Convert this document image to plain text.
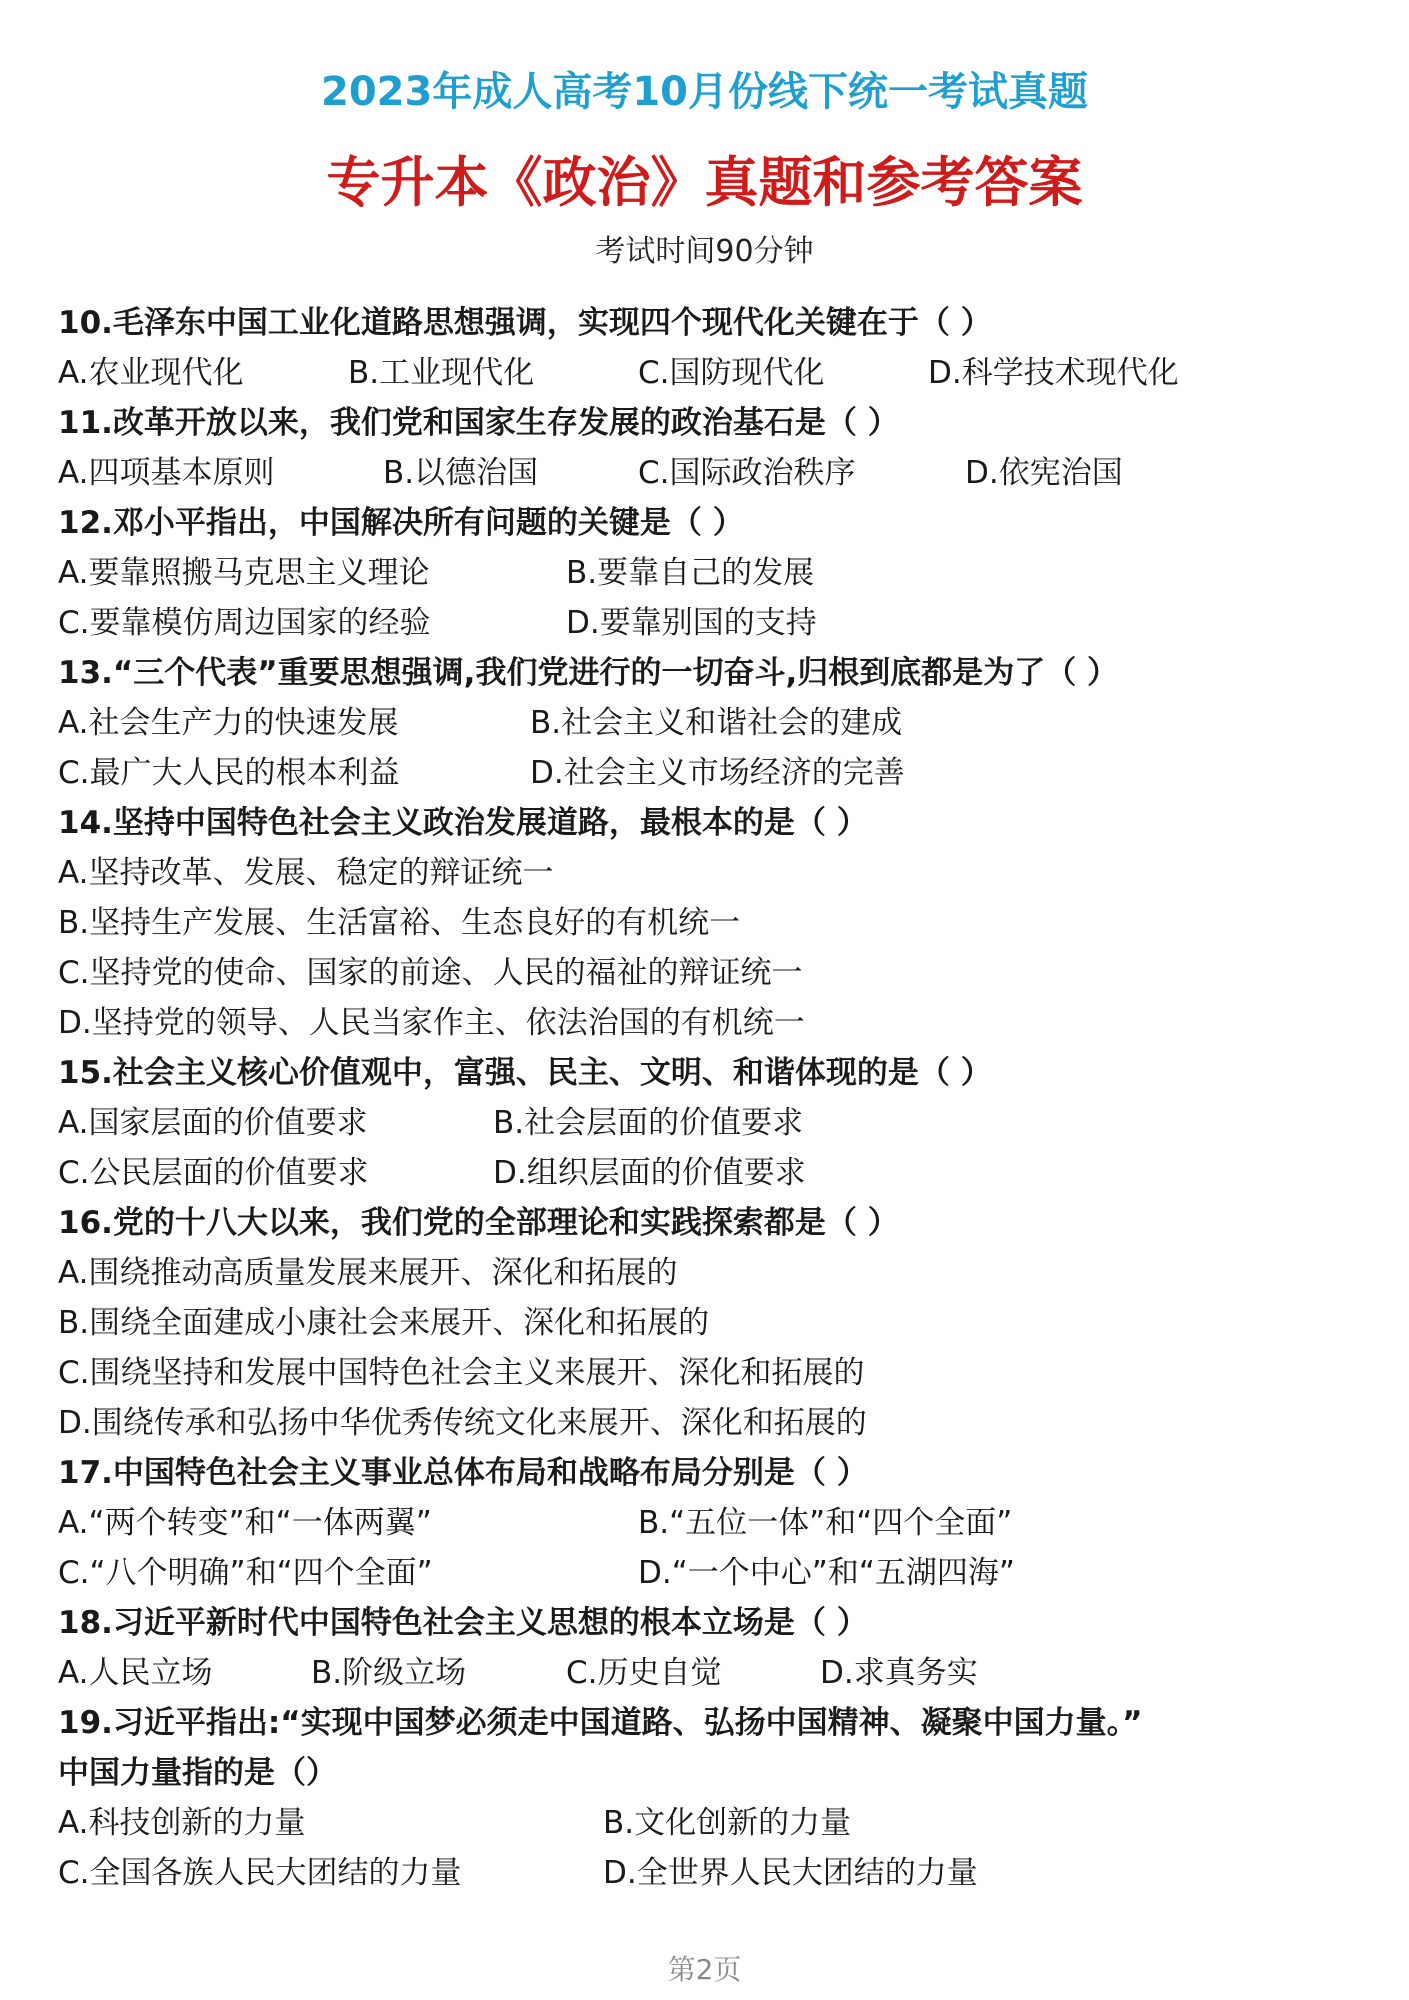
2023年成人高考10月份线下统一考试真题
专升本《政治》真题和参考答案
考试时间90分钟
10.毛泽东中国工业化道路思想强调，实现四个现代化关键在于（ ）
A.农业现代化	B.工业现代化	C.国防现代化	D.科学技术现代化
11.改革开放以来，我们党和国家生存发展的政治基石是（ ）
A.四项基本原则	B.以德治国	C.国际政治秩序	D.依宪治国
12.邓小平指出，中国解决所有问题的关键是（ ）
A.要靠照搬马克思主义理论	B.要靠自己的发展
C.要靠模仿周边国家的经验	D.要靠别国的支持
13.“三个代表”重要思想强调,我们党进行的一切奋斗,归根到底都是为了（ ）
A.社会生产力的快速发展	B.社会主义和谐社会的建成
C.最广大人民的根本利益	D.社会主义市场经济的完善
14.坚持中国特色社会主义政治发展道路，最根本的是（ ）
A.坚持改革、发展、稳定的辩证统一
B.坚持生产发展、生活富裕、生态良好的有机统一
C.坚持党的使命、国家的前途、人民的福祉的辩证统一
D.坚持党的领导、人民当家作主、依法治国的有机统一
15.社会主义核心价值观中，富强、民主、文明、和谐体现的是（ ）
A.国家层面的价值要求	B.社会层面的价值要求
C.公民层面的价值要求	D.组织层面的价值要求
16.党的十八大以来，我们党的全部理论和实践探索都是（ ）
A.围绕推动高质量发展来展开、深化和拓展的
B.围绕全面建成小康社会来展开、深化和拓展的
C.围绕坚持和发展中国特色社会主义来展开、深化和拓展的
D.围绕传承和弘扬中华优秀传统文化来展开、深化和拓展的
17.中国特色社会主义事业总体布局和战略布局分别是（ ）
A.“两个转变”和“一体两翼”	B.“五位一体”和“四个全面”
C.“八个明确”和“四个全面”	D.“一个中心”和“五湖四海”
18.习近平新时代中国特色社会主义思想的根本立场是（ ）
A.人民立场	B.阶级立场	C.历史自觉	D.求真务实
19.习近平指出:“实现中国梦必须走中国道路、弘扬中国精神、凝聚中国力量。”
中国力量指的是（）
A.科技创新的力量	B.文化创新的力量
C.全国各族人民大团结的力量	D.全世界人民大团结的力量
第2页
